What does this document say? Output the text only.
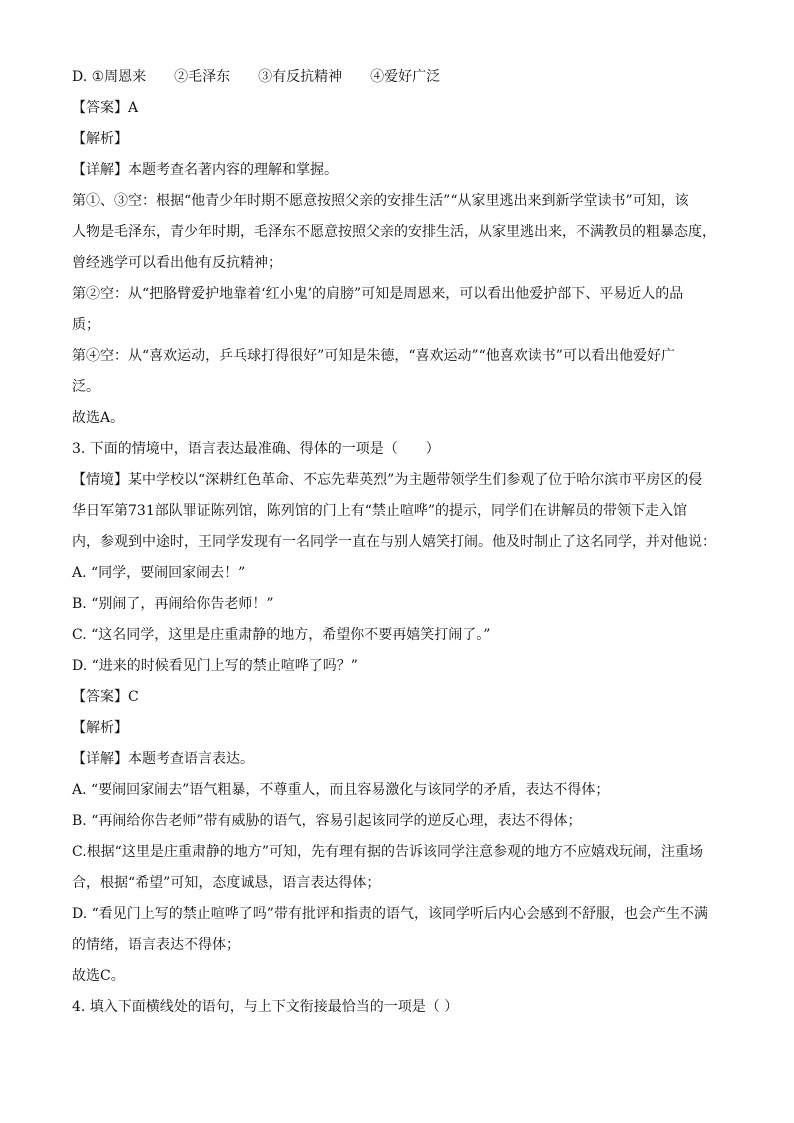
D. ①周恩来　　②毛泽东　　③有反抗精神　　④爱好广泛
【答案】A
【解析】
【详解】本题考查名著内容的理解和掌握。
第①、③空：根据“他青少年时期不愿意按照父亲的安排生活”“从家里逃出来到新学堂读书”可知，该
人物是毛泽东，青少年时期，毛泽东不愿意按照父亲的安排生活，从家里逃出来，不满教员的粗暴态度，
曾经逃学可以看出他有反抗精神；
第②空：从“把胳臂爱护地靠着‘红小鬼’的肩膀”可知是周恩来，可以看出他爱护部下、平易近人的品
质；
第④空：从“喜欢运动，乒乓球打得很好”可知是朱德，“喜欢运动”“他喜欢读书”可以看出他爱好广
泛。
故选A。
3. 下面的情境中，语言表达最准确、得体的一项是（　　）
【情境】某中学校以“深耕红色革命、不忘先辈英烈”为主题带领学生们参观了位于哈尔滨市平房区的侵
华日军第731部队罪证陈列馆，陈列馆的门上有“禁止喧哗”的提示，同学们在讲解员的带领下走入馆
内，参观到中途时，王同学发现有一名同学一直在与别人嬉笑打闹。他及时制止了这名同学，并对他说：
A. “同学，要闹回家闹去！”
B. “别闹了，再闹给你告老师！”
C. “这名同学，这里是庄重肃静的地方，希望你不要再嬉笑打闹了。”
D. “进来的时候看见门上写的禁止喧哗了吗？”
【答案】C
【解析】
【详解】本题考查语言表达。
A. “要闹回家闹去”语气粗暴，不尊重人，而且容易激化与该同学的矛盾，表达不得体；
B. “再闹给你告老师”带有威胁的语气，容易引起该同学的逆反心理，表达不得体；
C.根据“这里是庄重肃静的地方”可知，先有理有据的告诉该同学注意参观的地方不应嬉戏玩闹，注重场
合，根据“希望”可知，态度诚恳，语言表达得体；
D. “看见门上写的禁止喧哗了吗”带有批评和指责的语气，该同学听后内心会感到不舒服，也会产生不满
的情绪，语言表达不得体；
故选C。
4. 填入下面横线处的语句，与上下文衔接最恰当的一项是（ ）
